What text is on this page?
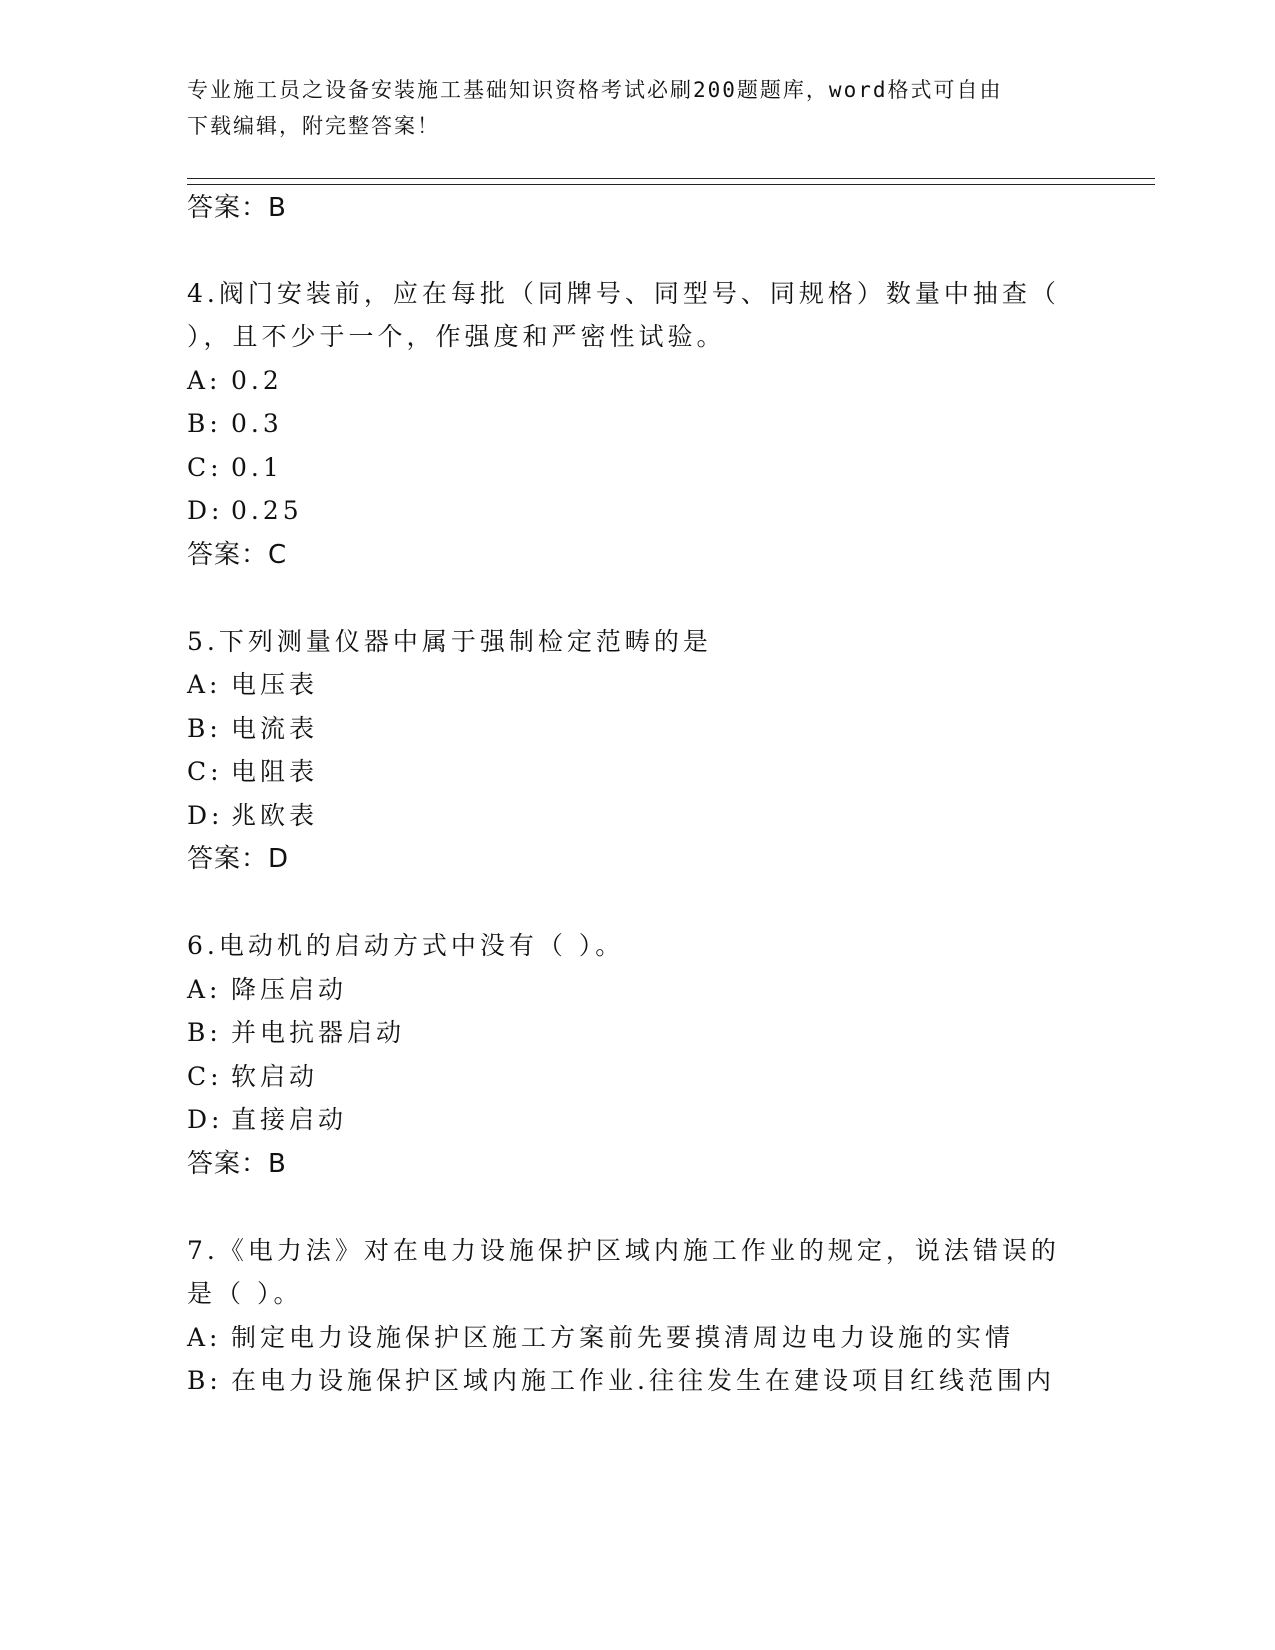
专业施工员之设备安装施工基础知识资格考试必刷200题题库，word格式可自由
下载编辑，附完整答案！
答案：B
4.阀门安装前，应在每批（同牌号、同型号、同规格）数量中抽查（
），且不少于一个，作强度和严密性试验。
A: 0.2
B: 0.3
C: 0.1
D: 0.25
答案：C
5.下列测量仪器中属于强制检定范畴的是
A: 电压表
B: 电流表
C: 电阻表
D: 兆欧表
答案：D
6.电动机的启动方式中没有（ ）。
A: 降压启动
B: 并电抗器启动
C: 软启动
D: 直接启动
答案：B
7.《电力法》对在电力设施保护区域内施工作业的规定，说法错误的
是（ ）。
A: 制定电力设施保护区施工方案前先要摸清周边电力设施的实情
B: 在电力设施保护区域内施工作业.往往发生在建设项目红线范围内
